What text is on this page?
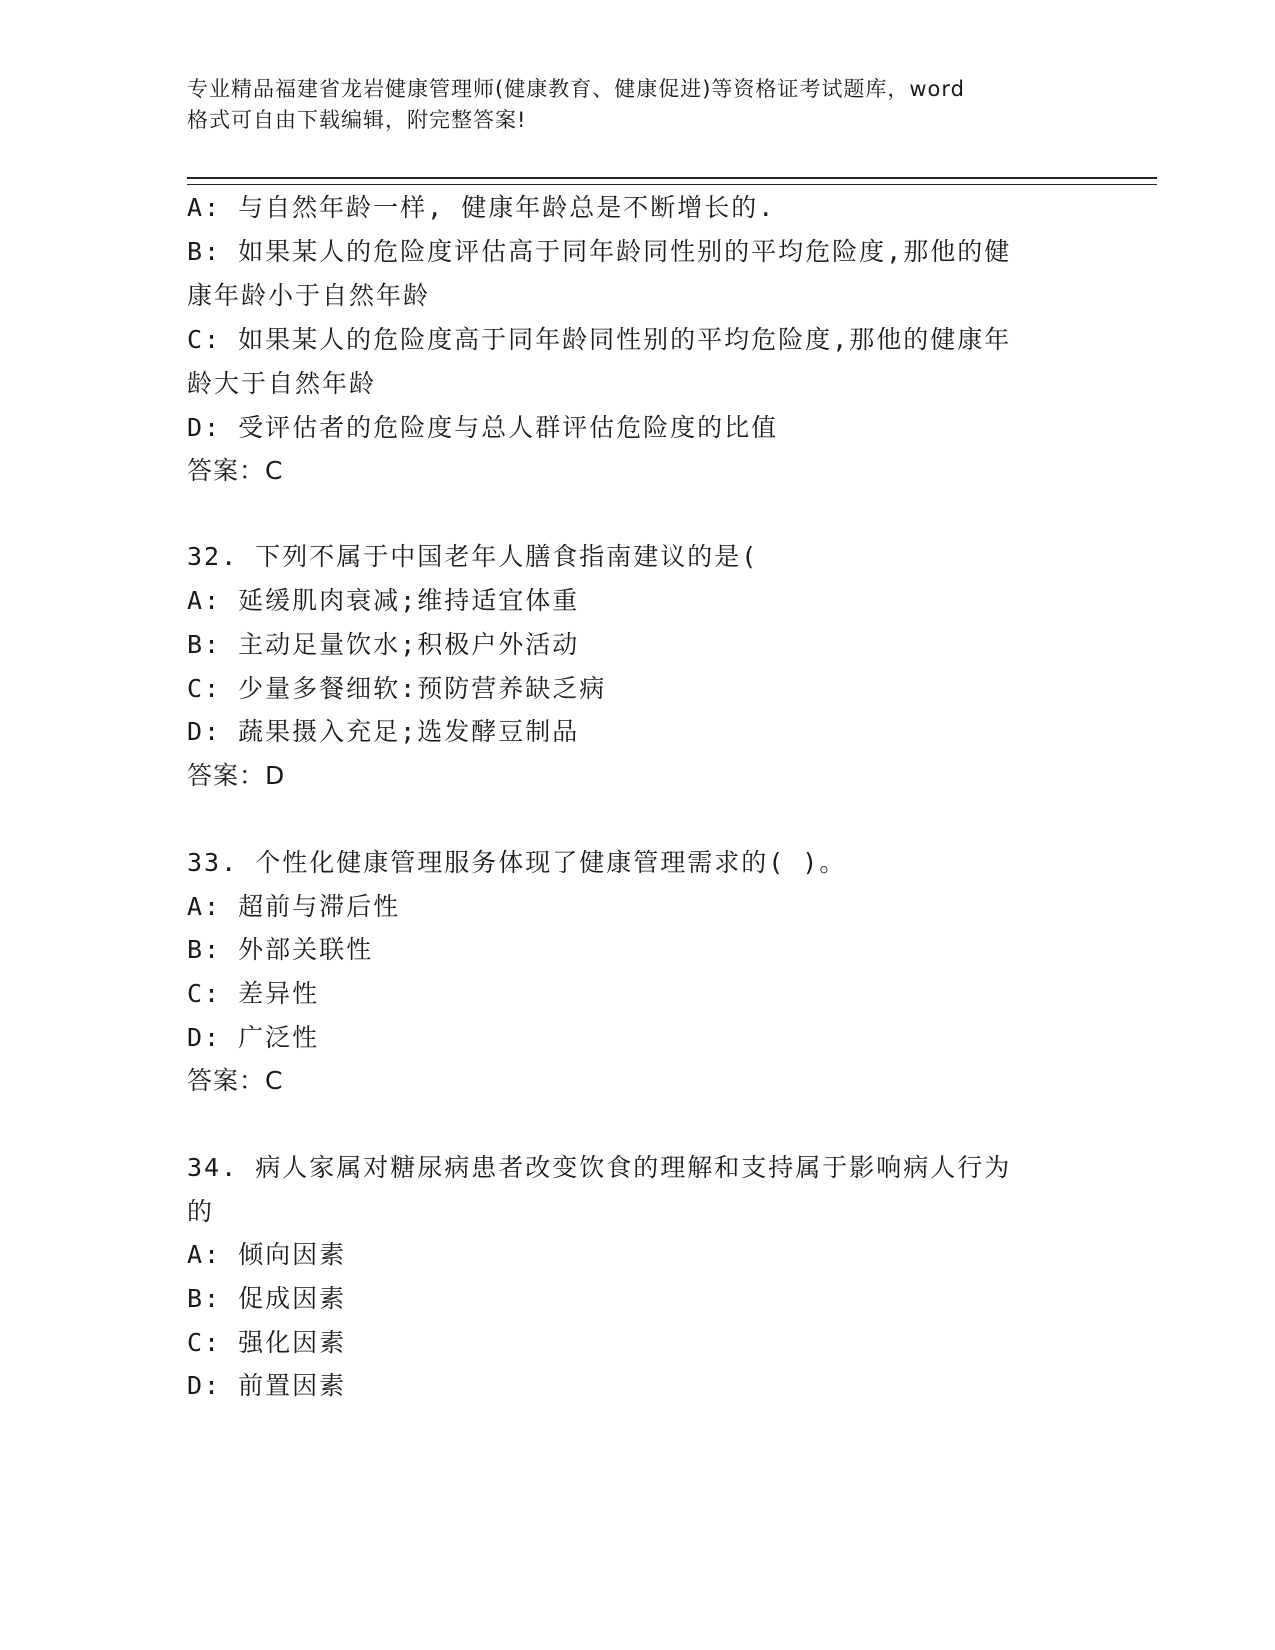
专业精品福建省龙岩健康管理师(健康教育、健康促进)等资格证考试题库，word
格式可自由下载编辑，附完整答案!
A: 与自然年龄一样, 健康年龄总是不断增长的.
B: 如果某人的危险度评估高于同年龄同性别的平均危险度,那他的健
康年龄小于自然年龄
C: 如果某人的危险度高于同年龄同性别的平均危险度,那他的健康年
龄大于自然年龄
D: 受评估者的危险度与总人群评估危险度的比值
答案：C
32. 下列不属于中国老年人膳食指南建议的是(
A: 延缓肌肉衰减;维持适宜体重
B: 主动足量饮水;积极户外活动
C: 少量多餐细软:预防营养缺乏病
D: 蔬果摄入充足;选发酵豆制品
答案：D
33. 个性化健康管理服务体现了健康管理需求的( )。
A: 超前与滞后性
B: 外部关联性
C: 差异性
D: 广泛性
答案：C
34. 病人家属对糖尿病患者改变饮食的理解和支持属于影响病人行为
的
A: 倾向因素
B: 促成因素
C: 强化因素
D: 前置因素
